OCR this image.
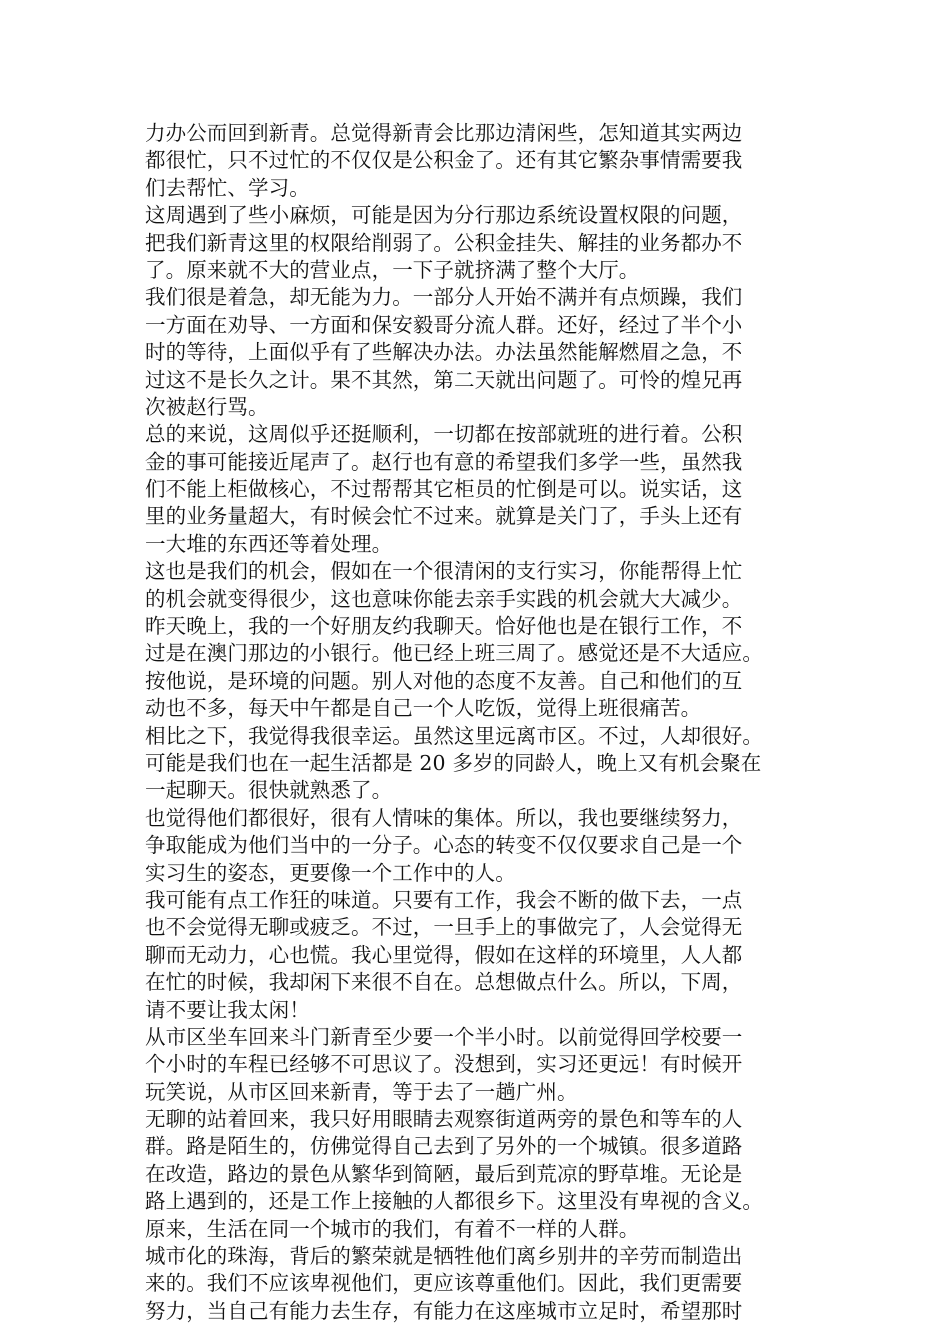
力办公而回到新青。总觉得新青会比那边清闲些，怎知道其实两边
都很忙，只不过忙的不仅仅是公积金了。还有其它繁杂事情需要我
们去帮忙、学习。
这周遇到了些小麻烦，可能是因为分行那边系统设置权限的问题，
把我们新青这里的权限给削弱了。公积金挂失、解挂的业务都办不
了。原来就不大的营业点，一下子就挤满了整个大厅。
我们很是着急，却无能为力。一部分人开始不满并有点烦躁，我们
一方面在劝导、一方面和保安毅哥分流人群。还好，经过了半个小
时的等待，上面似乎有了些解决办法。办法虽然能解燃眉之急，不
过这不是长久之计。果不其然，第二天就出问题了。可怜的煌兄再
次被赵行骂。
总的来说，这周似乎还挺顺利，一切都在按部就班的进行着。公积
金的事可能接近尾声了。赵行也有意的希望我们多学一些，虽然我
们不能上柜做核心，不过帮帮其它柜员的忙倒是可以。说实话，这
里的业务量超大，有时候会忙不过来。就算是关门了，手头上还有
一大堆的东西还等着处理。
这也是我们的机会，假如在一个很清闲的支行实习，你能帮得上忙
的机会就变得很少，这也意味你能去亲手实践的机会就大大减少。
昨天晚上，我的一个好朋友约我聊天。恰好他也是在银行工作，不
过是在澳门那边的小银行。他已经上班三周了。感觉还是不大适应。
按他说，是环境的问题。别人对他的态度不友善。自己和他们的互
动也不多，每天中午都是自己一个人吃饭，觉得上班很痛苦。
相比之下，我觉得我很幸运。虽然这里远离市区。不过，人却很好。
可能是我们也在一起生活都是 20 多岁的同龄人，晚上又有机会聚在
一起聊天。很快就熟悉了。
也觉得他们都很好，很有人情味的集体。所以，我也要继续努力，
争取能成为他们当中的一分子。心态的转变不仅仅要求自己是一个
实习生的姿态，更要像一个工作中的人。
我可能有点工作狂的味道。只要有工作，我会不断的做下去，一点
也不会觉得无聊或疲乏。不过，一旦手上的事做完了，人会觉得无
聊而无动力，心也慌。我心里觉得，假如在这样的环境里，人人都
在忙的时候，我却闲下来很不自在。总想做点什么。所以，下周，
请不要让我太闲！
从市区坐车回来斗门新青至少要一个半小时。以前觉得回学校要一
个小时的车程已经够不可思议了。没想到，实习还更远！有时候开
玩笑说，从市区回来新青，等于去了一趟广州。
无聊的站着回来，我只好用眼睛去观察街道两旁的景色和等车的人
群。路是陌生的，仿佛觉得自己去到了另外的一个城镇。很多道路
在改造，路边的景色从繁华到简陋，最后到荒凉的野草堆。无论是
路上遇到的，还是工作上接触的人都很乡下。这里没有卑视的含义。
原来，生活在同一个城市的我们，有着不一样的人群。
城市化的珠海，背后的繁荣就是牺牲他们离乡别井的辛劳而制造出
来的。我们不应该卑视他们，更应该尊重他们。因此，我们更需要
努力，当自己有能力去生存，有能力在这座城市立足时，希望那时
